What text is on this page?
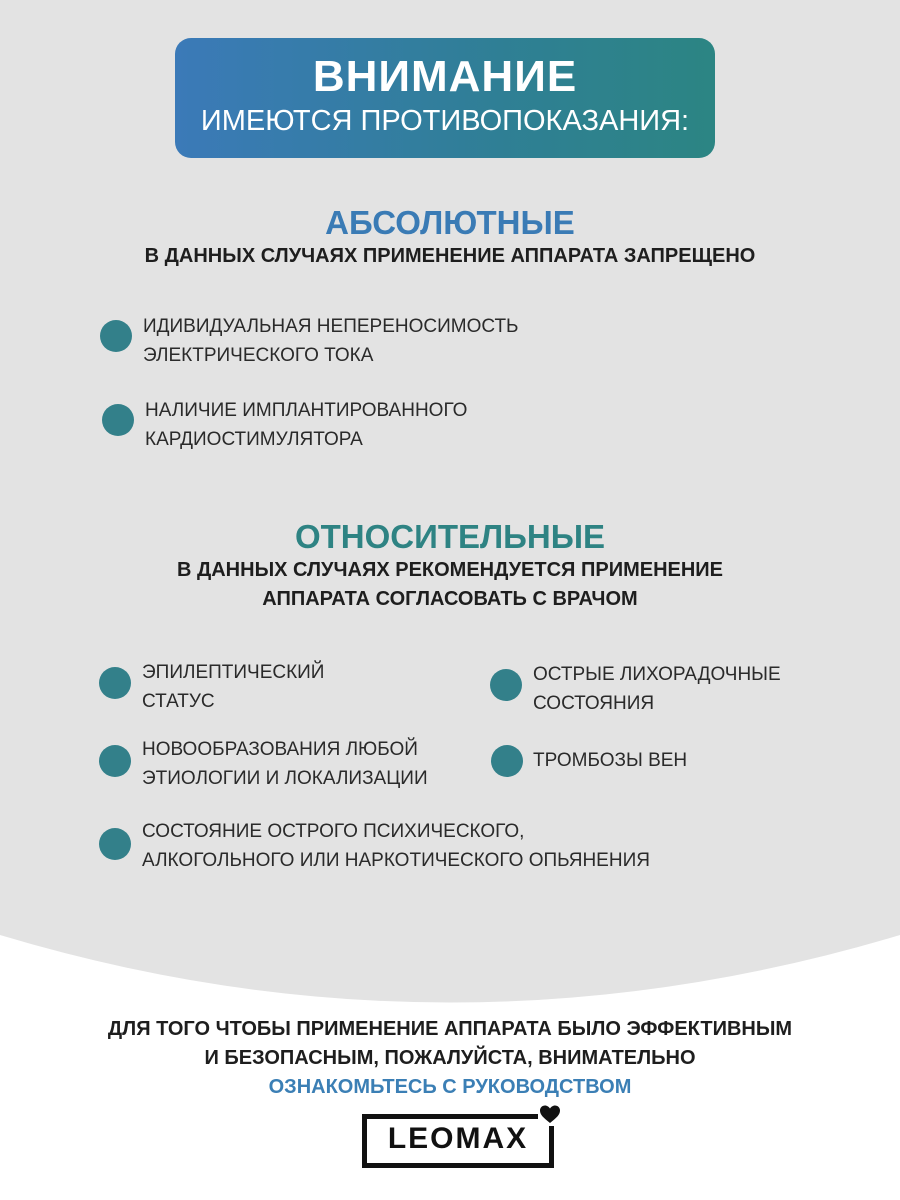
ВНИМАНИЕ
ИМЕЮТСЯ ПРОТИВОПОКАЗАНИЯ:
АБСОЛЮТНЫЕ
В ДАННЫХ СЛУЧАЯХ ПРИМЕНЕНИЕ АППАРАТА ЗАПРЕЩЕНО
ИДИВИДУАЛЬНАЯ НЕПЕРЕНОСИМОСТЬ
ЭЛЕКТРИЧЕСКОГО ТОКА
НАЛИЧИЕ ИМПЛАНТИРОВАННОГО
КАРДИОСТИМУЛЯТОРА
ОТНОСИТЕЛЬНЫЕ
В ДАННЫХ СЛУЧАЯХ РЕКОМЕНДУЕТСЯ ПРИМЕНЕНИЕ
АППАРАТА СОГЛАСОВАТЬ С ВРАЧОМ
ЭПИЛЕПТИЧЕСКИЙ
СТАТУС
ОСТРЫЕ ЛИХОРАДОЧНЫЕ
СОСТОЯНИЯ
НОВООБРАЗОВАНИЯ ЛЮБОЙ
ЭТИОЛОГИИ И ЛОКАЛИЗАЦИИ
ТРОМБОЗЫ ВЕН
СОСТОЯНИЕ ОСТРОГО ПСИХИЧЕСКОГО,
АЛКОГОЛЬНОГО ИЛИ НАРКОТИЧЕСКОГО ОПЬЯНЕНИЯ
ДЛЯ ТОГО ЧТОБЫ ПРИМЕНЕНИЕ АППАРАТА БЫЛО ЭФФЕКТИВНЫМ
И БЕЗОПАСНЫМ, ПОЖАЛУЙСТА, ВНИМАТЕЛЬНО
ОЗНАКОМЬТЕСЬ С РУКОВОДСТВОМ
LEOMAX
